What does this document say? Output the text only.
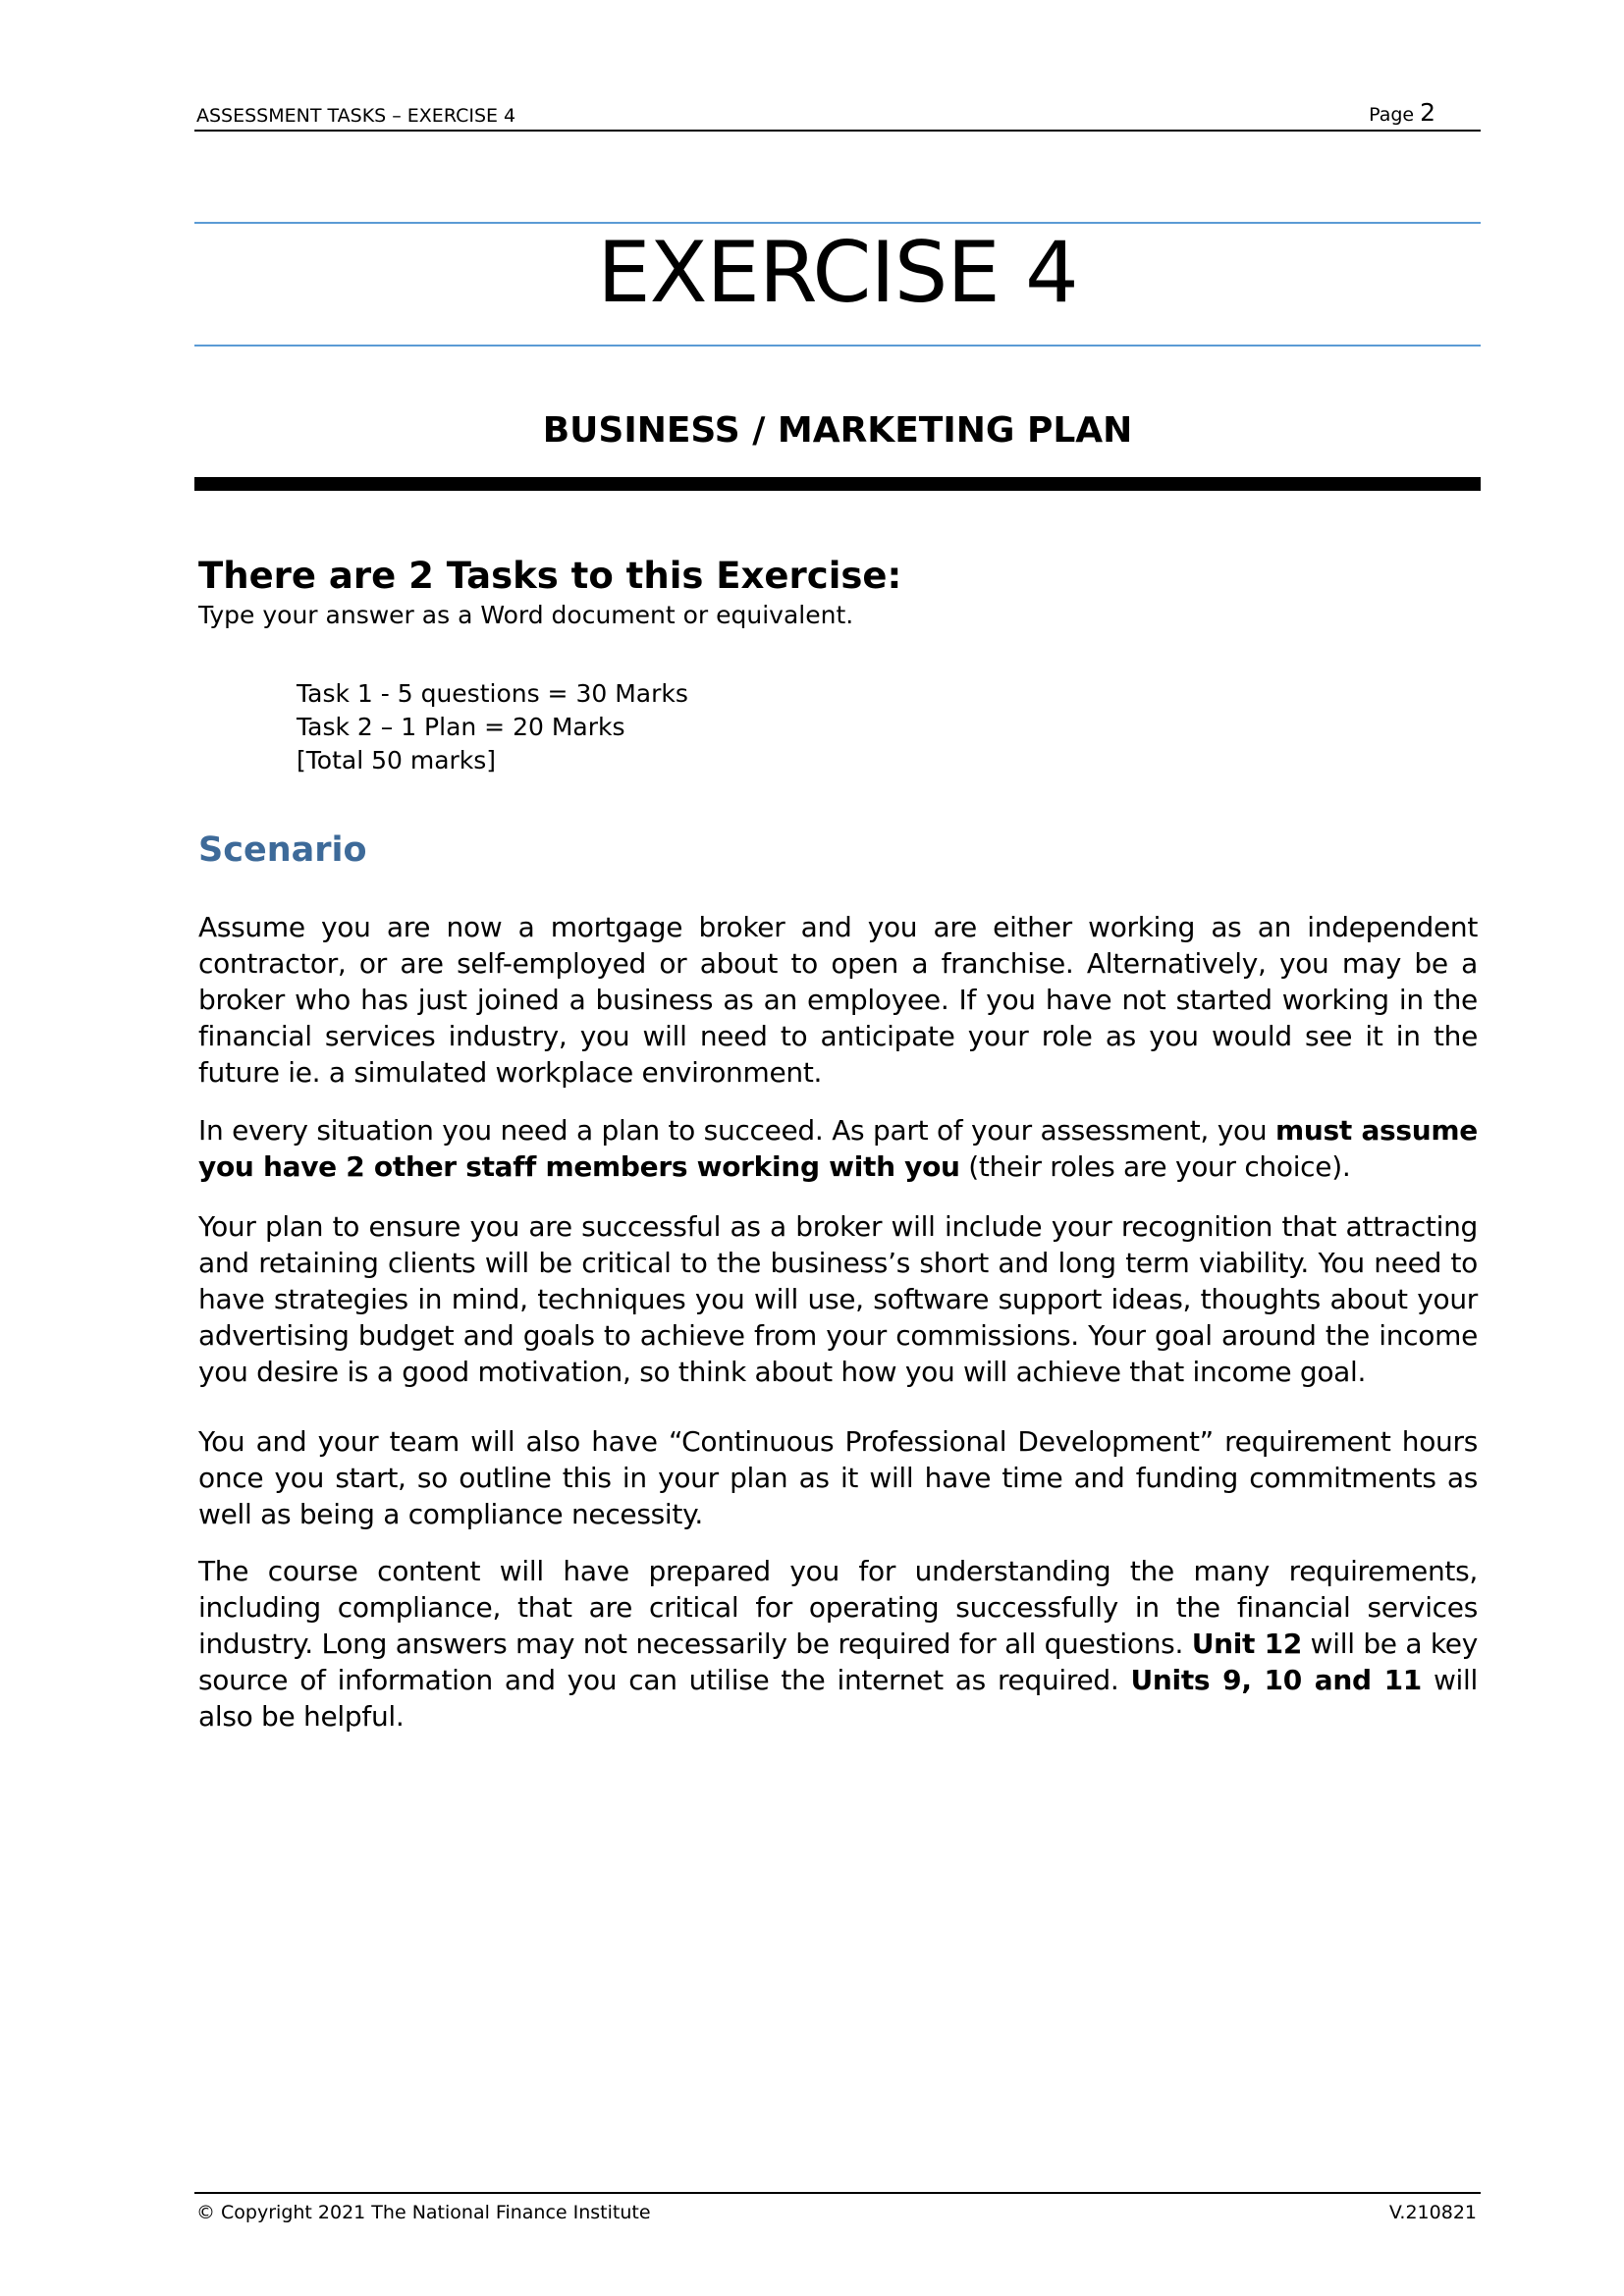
ASSESSMENT TASKS – EXERCISE 4	Page 2
EXERCISE 4
BUSINESS / MARKETING PLAN
There are 2 Tasks to this Exercise:
Type your answer as a Word document or equivalent.
Task 1 - 5 questions = 30 Marks
Task 2 – 1 Plan = 20 Marks
[Total 50 marks]
Scenario
Assume you are now a mortgage broker and you are either working as an independent contractor, or are self-employed or about to open a franchise. Alternatively, you may be a broker who has just joined a business as an employee. If you have not started working in the financial services industry, you will need to anticipate your role as you would see it in the future ie. a simulated workplace environment.
In every situation you need a plan to succeed. As part of your assessment, you must assume you have 2 other staff members working with you (their roles are your choice).
Your plan to ensure you are successful as a broker will include your recognition that attracting and retaining clients will be critical to the business’s short and long term viability. You need to have strategies in mind, techniques you will use, software support ideas, thoughts about your advertising budget and goals to achieve from your commissions. Your goal around the income you desire is a good motivation, so think about how you will achieve that income goal.
You and your team will also have “Continuous Professional Development” requirement hours once you start, so outline this in your plan as it will have time and funding commitments as well as being a compliance necessity.
The course content will have prepared you for understanding the many requirements, including compliance, that are critical for operating successfully in the financial services industry. Long answers may not necessarily be required for all questions. Unit 12 will be a key source of information and you can utilise the internet as required. Units 9, 10 and 11 will also be helpful.
© Copyright 2021 The National Finance Institute	V.210821
